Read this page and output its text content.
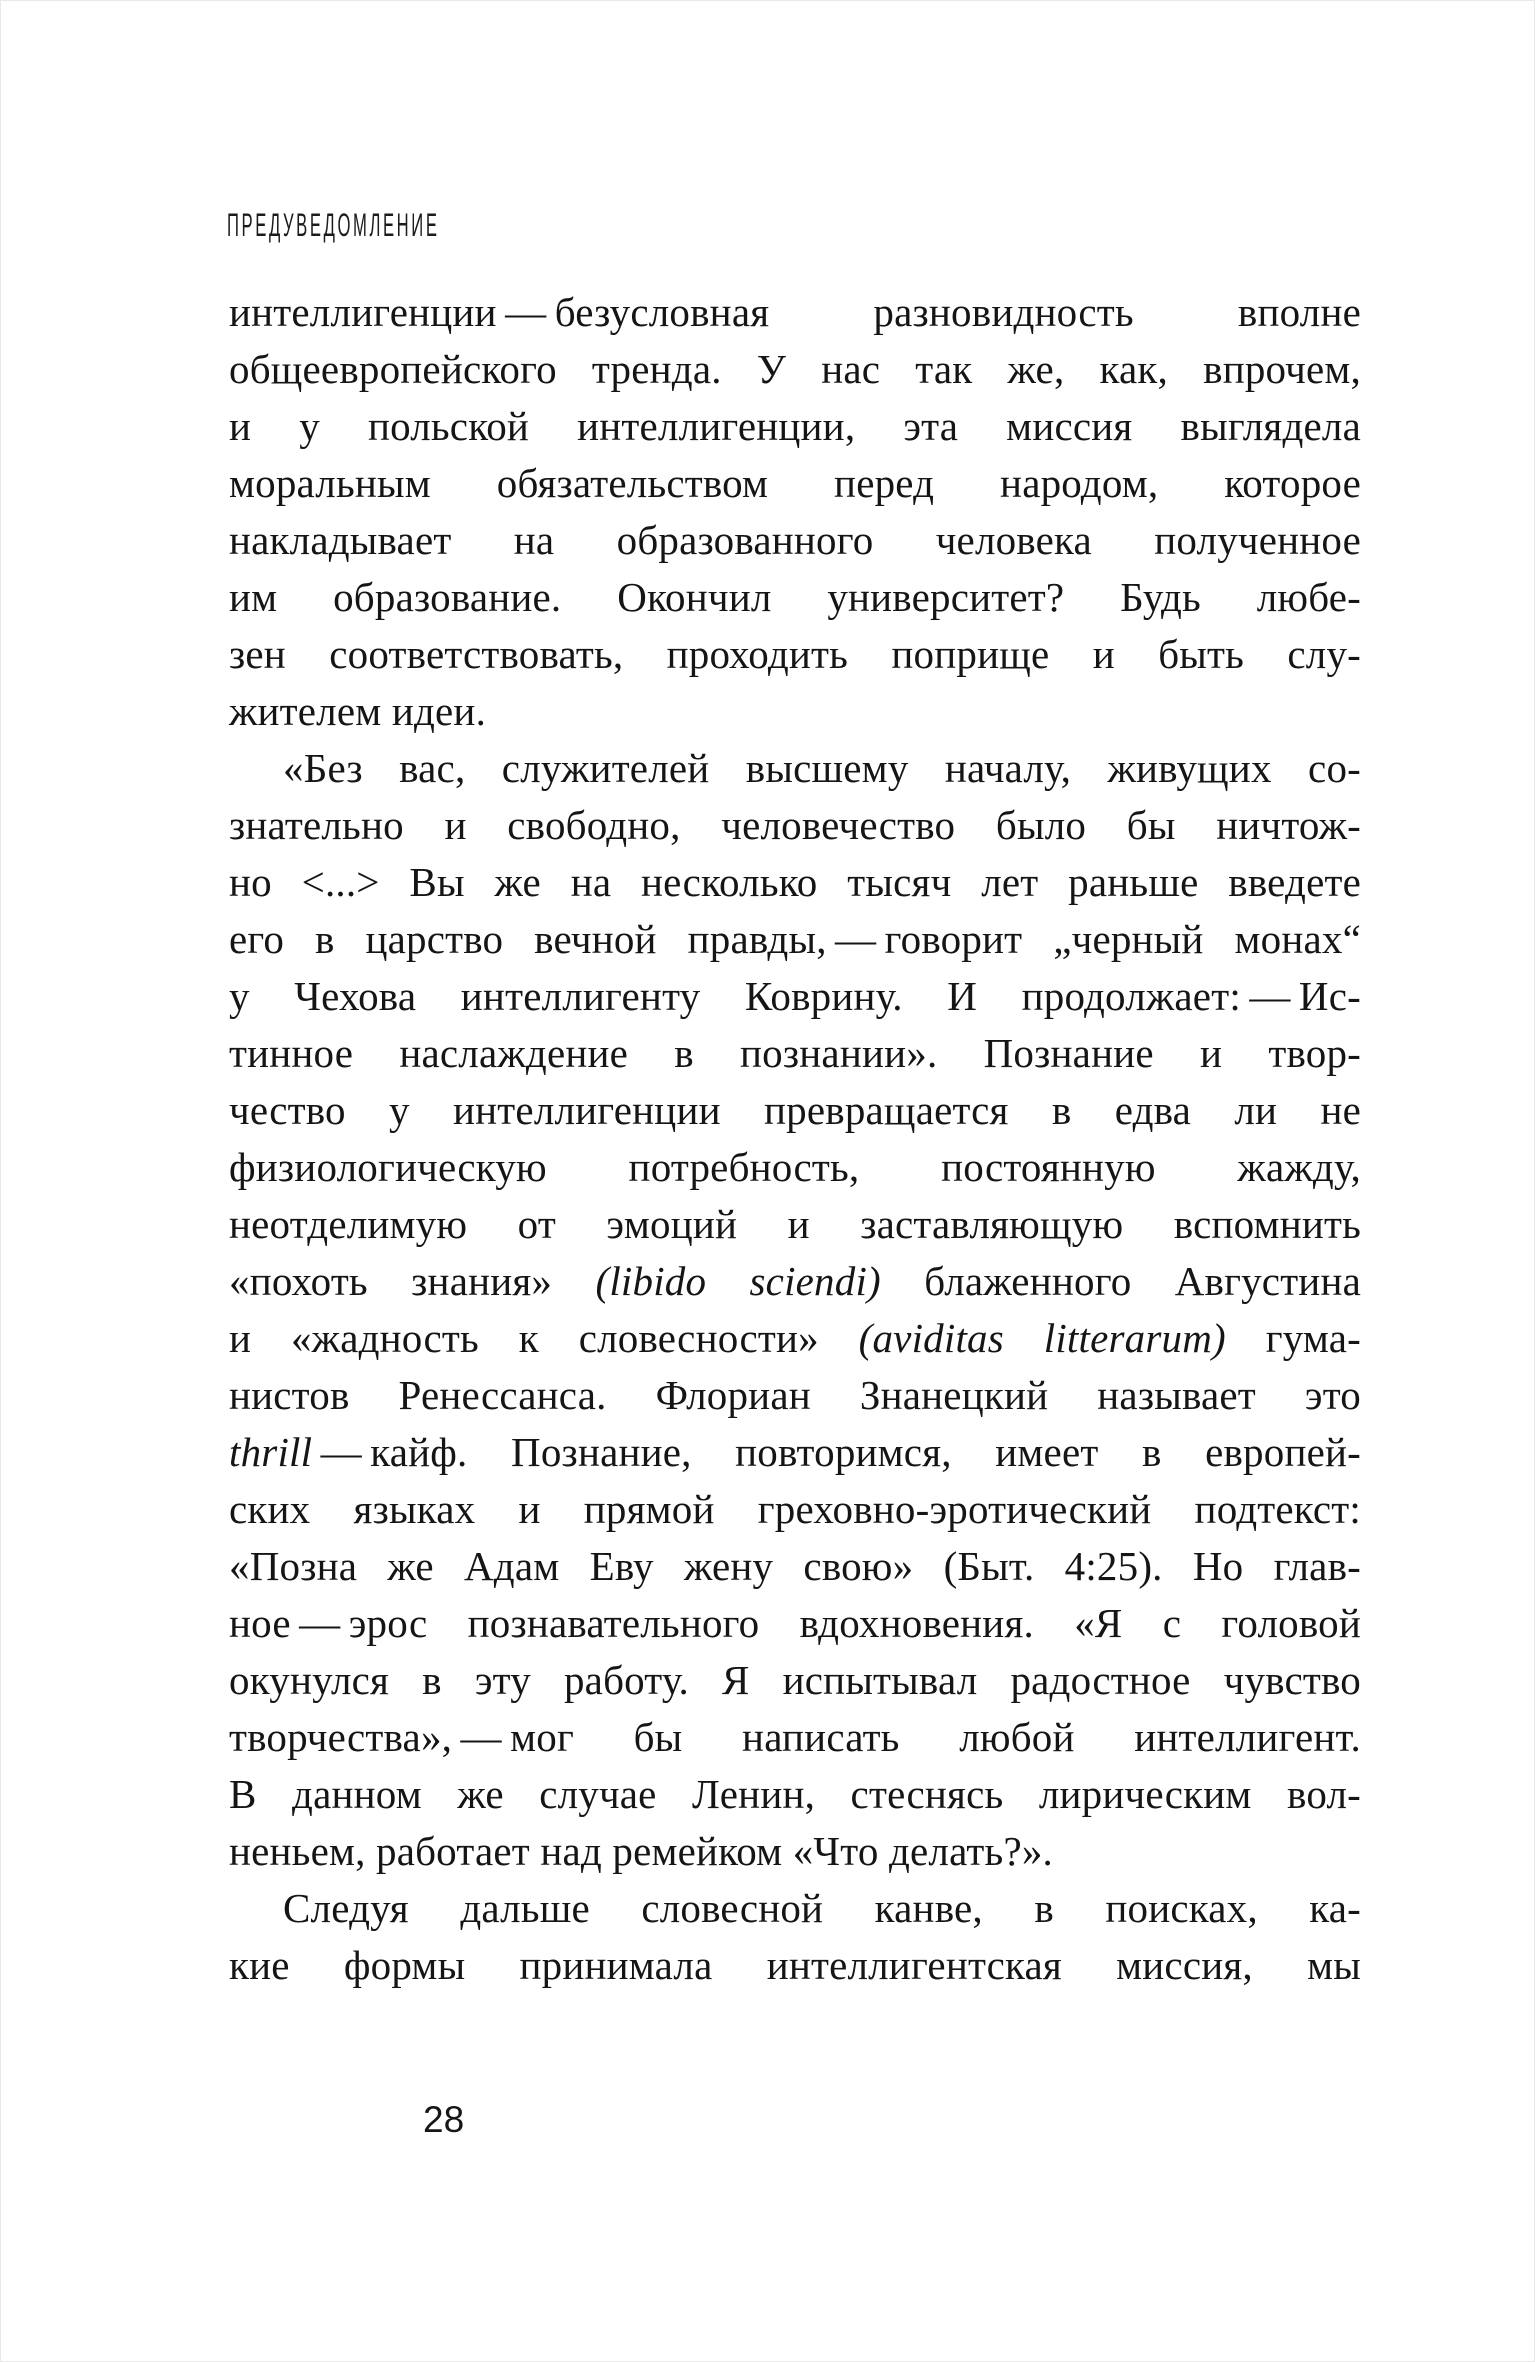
ПРЕДУВЕДОМЛЕНИЕ
интеллигенции — безусловная разновидность вполне
общеевропейского тренда. У нас так же, как, впрочем,
и у польской интеллигенции, эта миссия выглядела
моральным обязательством перед народом, которое
накладывает на образованного человека полученное
им образование. Окончил университет? Будь любе-
зен соответствовать, проходить поприще и быть слу-
жителем идеи.
«Без вас, служителей высшему началу, живущих со-
знательно и свободно, человечество было бы ничтож-
но <...> Вы же на несколько тысяч лет раньше введете
его в царство вечной правды, — говорит „черный монах“
у Чехова интеллигенту Коврину. И продолжает: — Ис-
тинное наслаждение в познании». Познание и твор-
чество у интеллигенции превращается в едва ли не
физиологическую потребность, постоянную жажду,
неотделимую от эмоций и заставляющую вспомнить
«похоть знания» (libido sciendi) блаженного Августина
и «жадность к словесности» (aviditas litterarum) гума-
нистов Ренессанса. Флориан Знанецкий называет это
thrill — кайф. Познание, повторимся, имеет в европей-
ских языках и прямой греховно-эротический подтекст:
«Позна же Адам Еву жену свою» (Быт. 4:25). Но глав-
ное — эрос познавательного вдохновения. «Я с головой
окунулся в эту работу. Я испытывал радостное чувство
творчества», — мог бы написать любой интеллигент.
В данном же случае Ленин, стеснясь лирическим вол-
неньем, работает над ремейком «Что делать?».
Следуя дальше словесной канве, в поисках, ка-
кие формы принимала интеллигентская миссия, мы
28
